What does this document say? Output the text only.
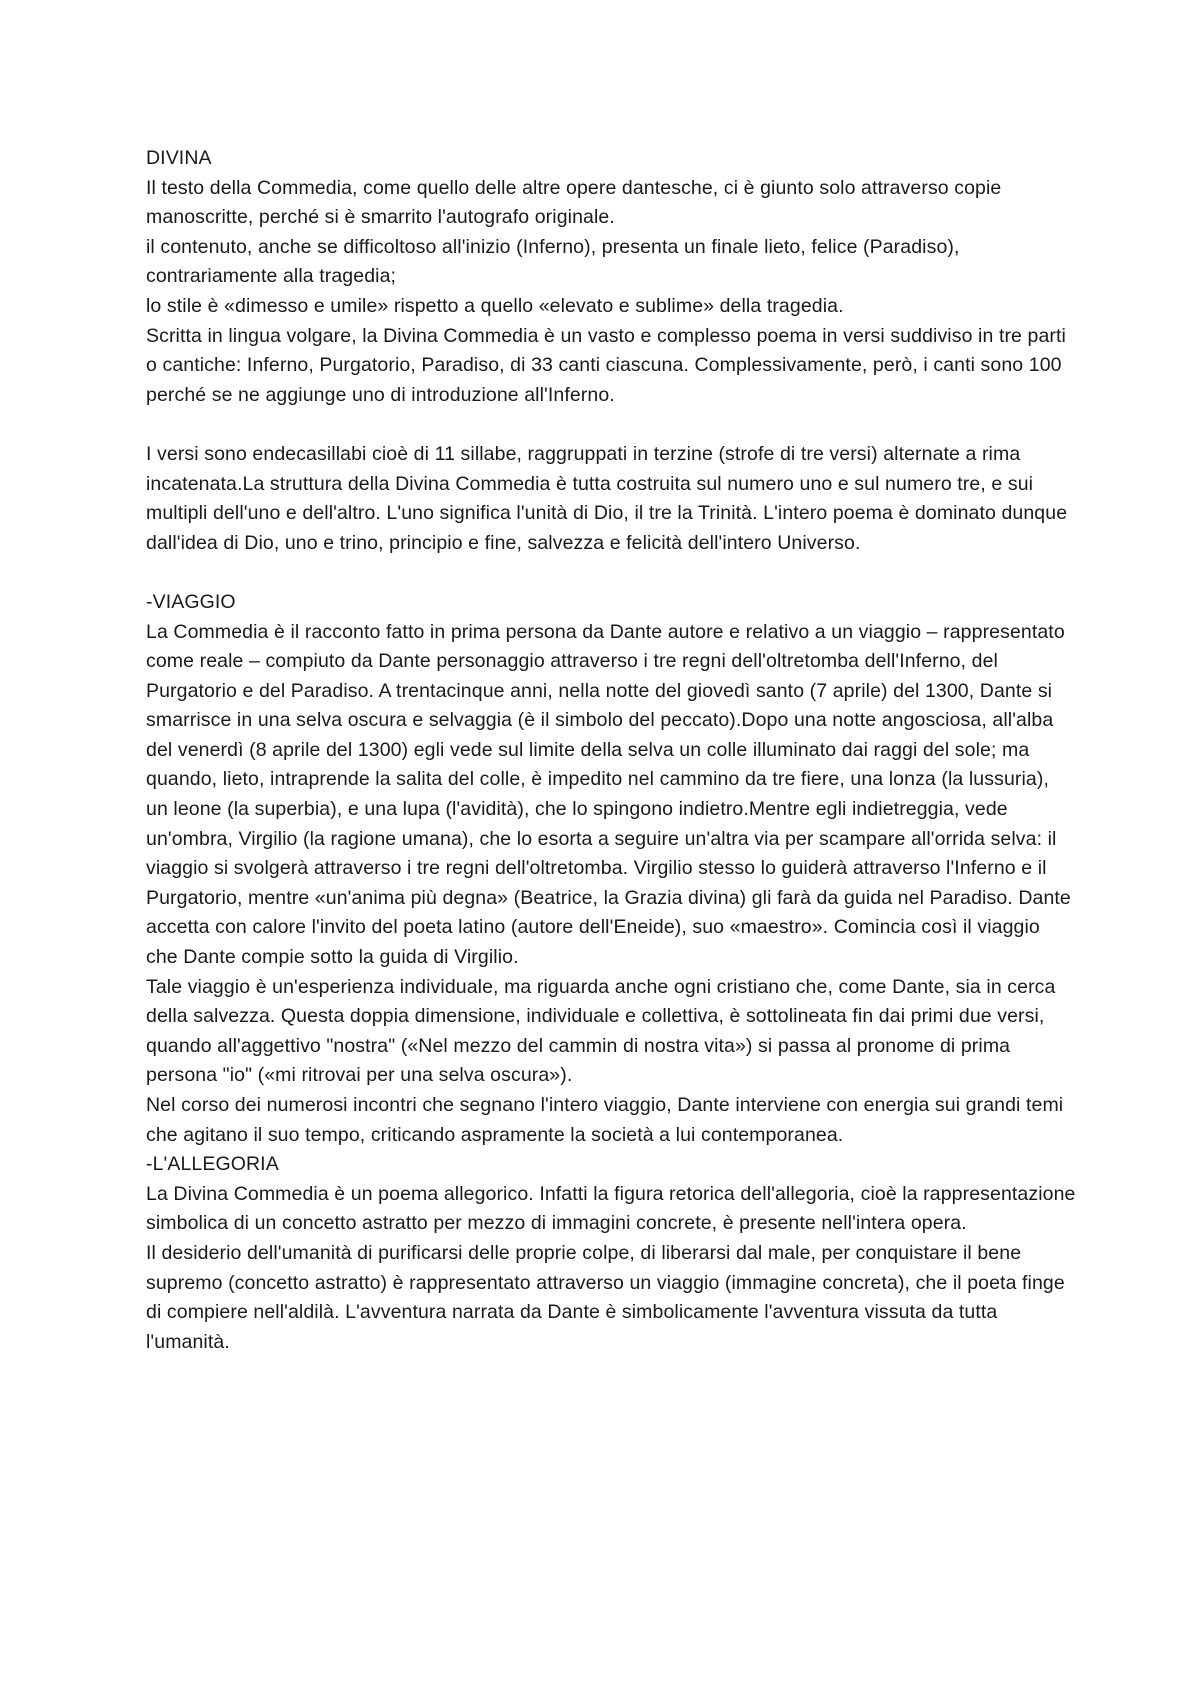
DIVINA

Il testo della Commedia, come quello delle altre opere dantesche, ci è giunto solo attraverso copie manoscritte, perché si è smarrito l'autografo originale.

il contenuto, anche se difficoltoso all'inizio (Inferno), presenta un finale lieto, felice (Paradiso), contrariamente alla tragedia;

lo stile è «dimesso e umile» rispetto a quello «elevato e sublime» della tragedia.

Scritta in lingua volgare, la Divina Commedia è un vasto e complesso poema in versi suddiviso in tre parti o cantiche: Inferno, Purgatorio, Paradiso, di 33 canti ciascuna. Complessivamente, però, i canti sono 100 perché se ne aggiunge uno di introduzione all'Inferno.

I versi sono endecasillabi cioè di 11 sillabe, raggruppati in terzine (strofe di tre versi) alternate a rima incatenata.La struttura della Divina Commedia è tutta costruita sul numero uno e sul numero tre, e sui multipli dell'uno e dell'altro. L'uno significa l'unità di Dio, il tre la Trinità. L'intero poema è dominato dunque dall'idea di Dio, uno e trino, principio e fine, salvezza e felicità dell'intero Universo.

-VIAGGIO

La Commedia è il racconto fatto in prima persona da Dante autore e relativo a un viaggio – rappresentato come reale – compiuto da Dante personaggio attraverso i tre regni dell'oltretomba dell'Inferno, del Purgatorio e del Paradiso. A trentacinque anni, nella notte del giovedì santo (7 aprile) del 1300, Dante si smarrisce in una selva oscura e selvaggia (è il simbolo del peccato).Dopo una notte angosciosa, all'alba del venerdì (8 aprile del 1300) egli vede sul limite della selva un colle illuminato dai raggi del sole; ma quando, lieto, intraprende la salita del colle, è impedito nel cammino da tre fiere, una lonza (la lussuria), un leone (la superbia), e una lupa (l'avidità), che lo spingono indietro.Mentre egli indietreggia, vede un'ombra, Virgilio (la ragione umana), che lo esorta a seguire un'altra via per scampare all'orrida selva: il viaggio si svolgerà attraverso i tre regni dell'oltretomba. Virgilio stesso lo guiderà attraverso l'Inferno e il Purgatorio, mentre «un'anima più degna» (Beatrice, la Grazia divina) gli farà da guida nel Paradiso. Dante accetta con calore l'invito del poeta latino (autore dell'Eneide), suo «maestro». Comincia così il viaggio che Dante compie sotto la guida di Virgilio.

Tale viaggio è un'esperienza individuale, ma riguarda anche ogni cristiano che, come Dante, sia in cerca della salvezza. Questa doppia dimensione, individuale e collettiva, è sottolineata fin dai primi due versi, quando all'aggettivo "nostra" («Nel mezzo del cammin di nostra vita») si passa al pronome di prima persona "io" («mi ritrovai per una selva oscura»).

Nel corso dei numerosi incontri che segnano l'intero viaggio, Dante interviene con energia sui grandi temi che agitano il suo tempo, criticando aspramente la società a lui contemporanea.

-L'ALLEGORIA

La Divina Commedia è un poema allegorico. Infatti la figura retorica dell'allegoria, cioè la rappresentazione simbolica di un concetto astratto per mezzo di immagini concrete, è presente nell'intera opera.

Il desiderio dell'umanità di purificarsi delle proprie colpe, di liberarsi dal male, per conquistare il bene supremo (concetto astratto) è rappresentato attraverso un viaggio (immagine concreta), che il poeta finge di compiere nell'aldilà. L'avventura narrata da Dante è simbolicamente l'avventura vissuta da tutta l'umanità.
